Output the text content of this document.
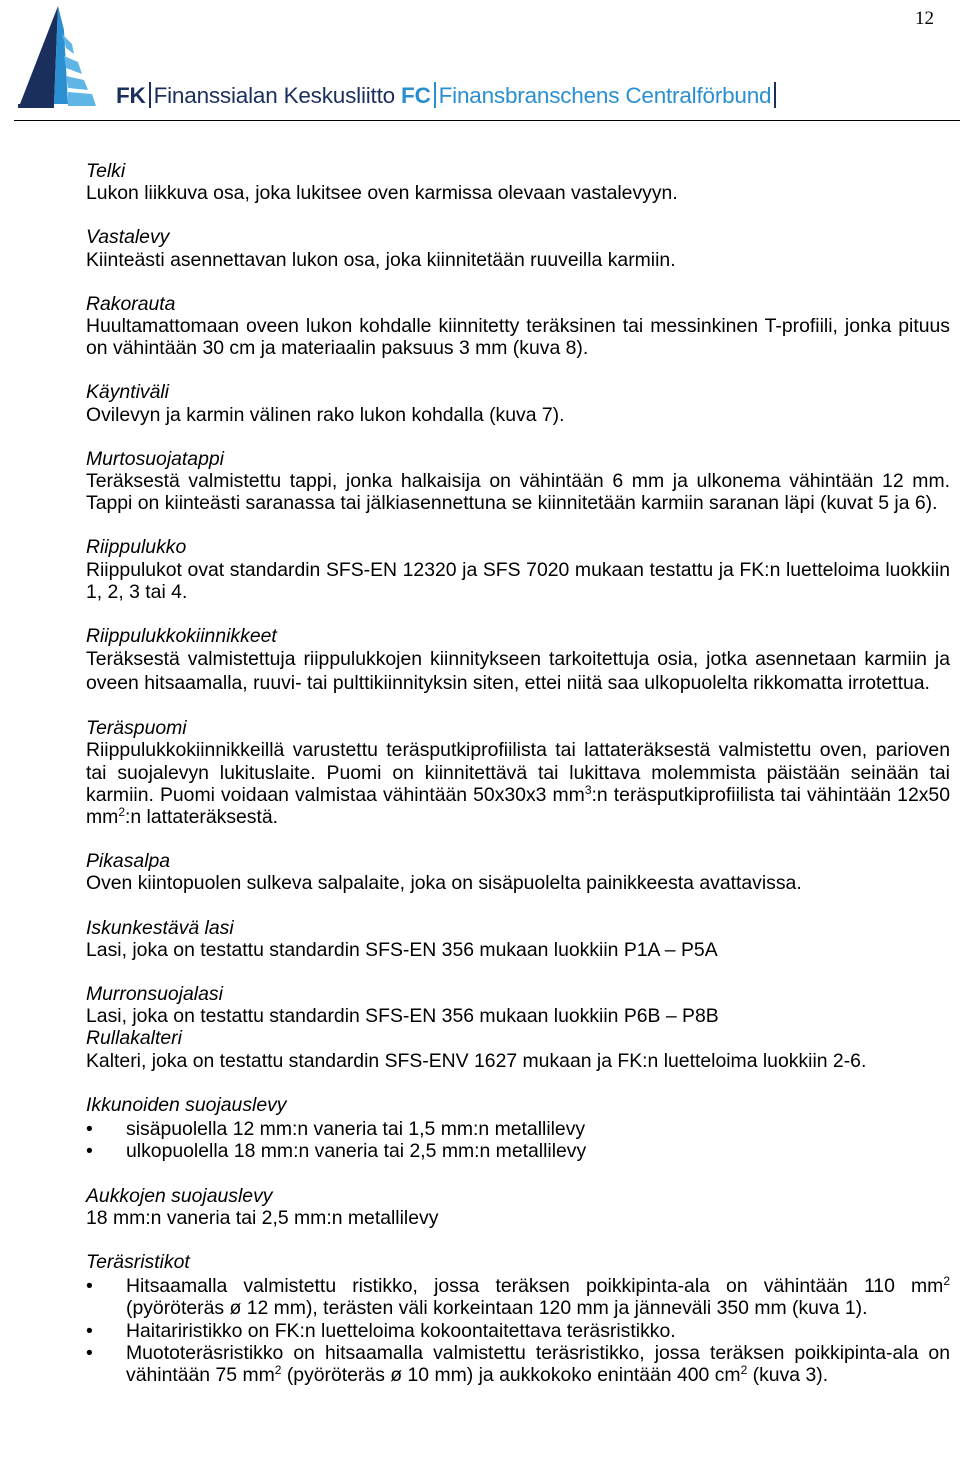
12
FK Finanssialan Keskusliitto FC Finansbranschens Centralförbund
Telki
Lukon liikkuva osa, joka lukitsee oven karmissa olevaan vastalevyyn.
Vastalevy
Kiinteästi asennettavan lukon osa, joka kiinnitetään ruuveilla karmiin.
Rakorauta
Huultamattomaan oveen lukon kohdalle kiinnitetty teräksinen tai messinkinen T-profiili, jonka pituus on vähintään 30 cm ja materiaalin paksuus 3 mm (kuva 8).
Käyntiväli
Ovilevyn ja karmin välinen rako lukon kohdalla (kuva 7).
Murtosuojatappi
Teräksestä valmistettu tappi, jonka halkaisija on vähintään 6 mm ja ulkonema vähintään 12 mm. Tappi on kiinteästi saranassa tai jälkiasennettuna se kiinnitetään karmiin saranan läpi (kuvat 5 ja 6).
Riippulukko
Riippulukot ovat standardin SFS-EN 12320 ja SFS 7020 mukaan testattu ja FK:n luetteloima luokkiin 1, 2, 3 tai 4.
Riippulukkokiinnikkeet
Teräksestä valmistettuja riippulukkojen kiinnitykseen tarkoitettuja osia, jotka asennetaan karmiin ja oveen hitsaamalla, ruuvi- tai pulttikiinnityksin siten, ettei niitä saa ulkopuolelta rikkomatta irrotettua.
Teräspuomi
Riippulukkokiinnikkeillä varustettu teräsputkiprofiilista tai lattateräksestä valmistettu oven, parioven tai suojalevyn lukituslaite. Puomi on kiinnitettävä tai lukittava molemmista päistään seinään tai karmiin. Puomi voidaan valmistaa vähintään 50x30x3 $mm^3:n$ teräsputkiprofiilista tai vähintään 12x50 $mm^2:n$ lattateräksestä.
Pikasalpa
Oven kiintopuolen sulkeva salpalaite, joka on sisäpuolelta painikkeesta avattavissa.
Iskunkestävä lasi
Lasi, joka on testattu standardin SFS-EN 356 mukaan luokkiin P1A – P5A
Murronsuojalasi
Lasi, joka on testattu standardin SFS-EN 356 mukaan luokkiin P6B – P8B
Rullakalteri
Kalteri, joka on testattu standardin SFS-ENV 1627 mukaan ja FK:n luetteloima luokkiin 2-6.
Ikkunoiden suojauslevy
• sisäpuolella 12 mm:n vaneria tai 1,5 mm:n metallilevy
• ulkopuolella 18 mm:n vaneria tai 2,5 mm:n metallilevy
Aukkojen suojauslevy
18 mm:n vaneria tai 2,5 mm:n metallilevy
Teräsristikot
• Hitsaamalla valmistettu ristikko, jossa teräksen poikkipinta-ala on vähintään 110 $mm^2$ (pyöröteräs ø 12 mm), terästen väli korkeintaan 120 mm ja jänneväli 350 mm (kuva 1).
• Haitariristikko on FK:n luetteloima kokoontaitettava teräsristikko.
• Muototeräsristikko on hitsaamalla valmistettu teräsristikko, jossa teräksen poikkipinta-ala on vähintään 75 $mm^2$ (pyöröteräs ø 10 mm) ja aukkokoko enintään 400 $cm^2$ (kuva 3).
